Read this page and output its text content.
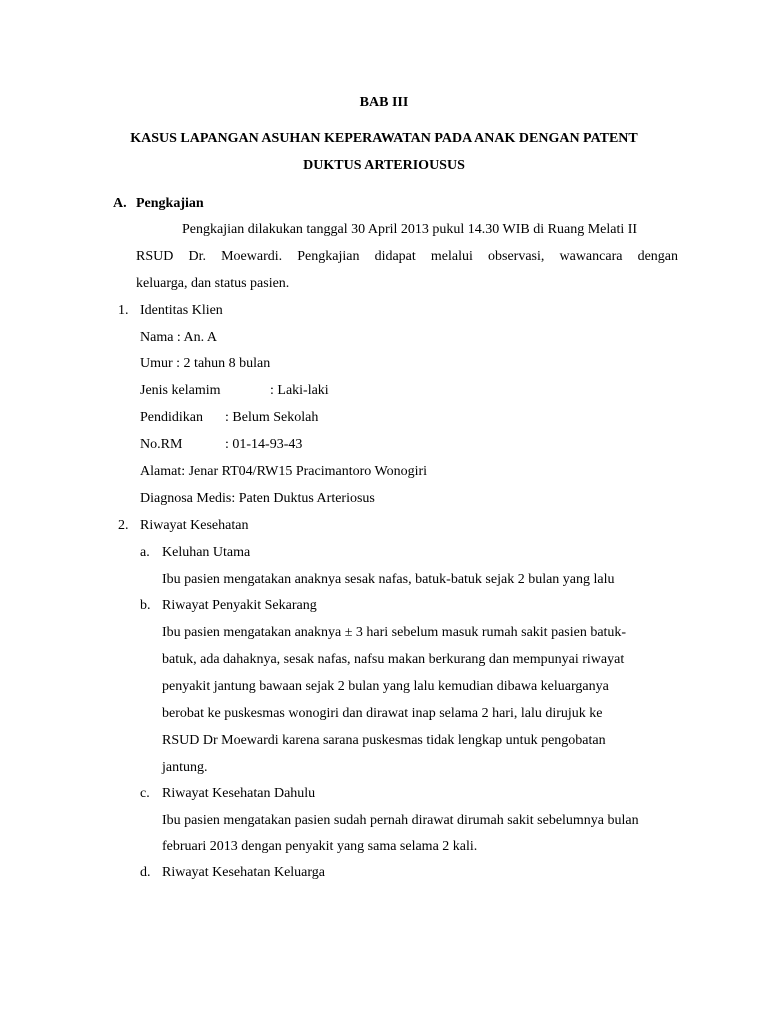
BAB III
KASUS LAPANGAN ASUHAN KEPERAWATAN PADA ANAK DENGAN PATENT
DUKTUS ARTERIOUSUS
A. Pengkajian
Pengkajian dilakukan tanggal 30 April 2013 pukul 14.30 WIB di Ruang Melati II
RSUD Dr. Moewardi. Pengkajian didapat melalui observasi, wawancara dengan
keluarga, dan status pasien.
1. Identitas Klien
Nama : An. A
Umur : 2 tahun 8 bulan
Jenis kelamim	: Laki-laki
Pendidikan : Belum Sekolah
No.RM	: 01-14-93-43
Alamat: Jenar RT04/RW15 Pracimantoro Wonogiri
Diagnosa Medis: Paten Duktus Arteriosus
2. Riwayat Kesehatan
a. Keluhan Utama
Ibu pasien mengatakan anaknya sesak nafas, batuk-batuk sejak 2 bulan yang lalu
b. Riwayat Penyakit Sekarang
Ibu pasien mengatakan anaknya ± 3 hari sebelum masuk rumah sakit pasien batuk-
batuk, ada dahaknya, sesak nafas, nafsu makan berkurang dan mempunyai riwayat
penyakit jantung bawaan sejak 2 bulan yang lalu kemudian dibawa keluarganya
berobat ke puskesmas wonogiri dan dirawat inap selama 2 hari, lalu dirujuk ke
RSUD Dr Moewardi karena sarana puskesmas tidak lengkap untuk pengobatan
jantung.
c. Riwayat Kesehatan Dahulu
Ibu pasien mengatakan pasien sudah pernah dirawat dirumah sakit sebelumnya bulan
februari 2013 dengan penyakit yang sama selama 2 kali.
d. Riwayat Kesehatan Keluarga
